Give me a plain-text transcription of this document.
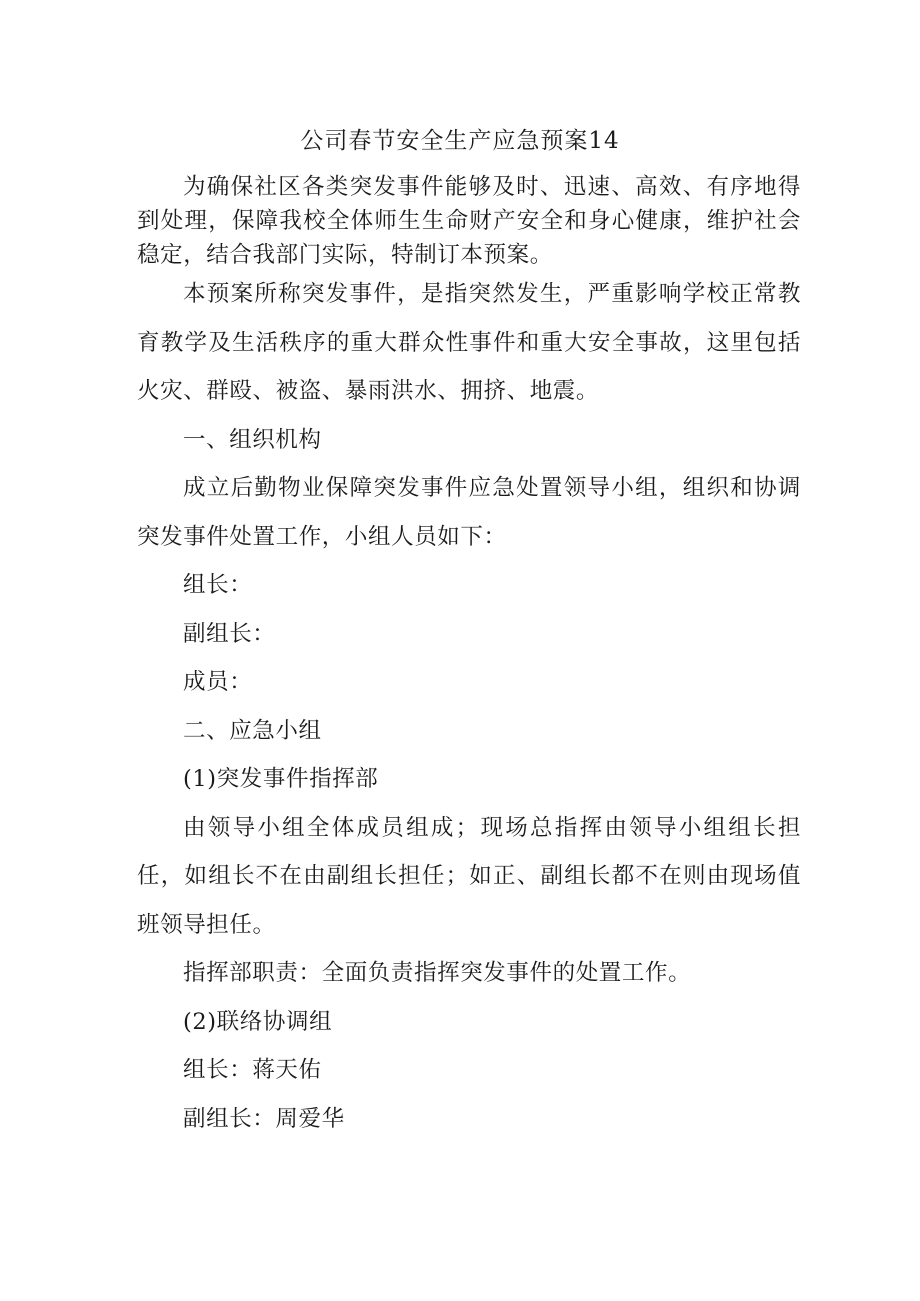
公司春节安全生产应急预案14

为确保社区各类突发事件能够及时、迅速、高效、有序地得到处理，保障我校全体师生生命财产安全和身心健康，维护社会稳定，结合我部门实际，特制订本预案。

本预案所称突发事件，是指突然发生，严重影响学校正常教育教学及生活秩序的重大群众性事件和重大安全事故，这里包括火灾、群殴、被盗、暴雨洪水、拥挤、地震。

一、组织机构

成立后勤物业保障突发事件应急处置领导小组，组织和协调突发事件处置工作，小组人员如下：

组长：

副组长：

成员：

二、应急小组

(1)突发事件指挥部

由领导小组全体成员组成；现场总指挥由领导小组组长担任，如组长不在由副组长担任；如正、副组长都不在则由现场值班领导担任。

指挥部职责：全面负责指挥突发事件的处置工作。

(2)联络协调组

组长：蒋天佑

副组长：周爱华
